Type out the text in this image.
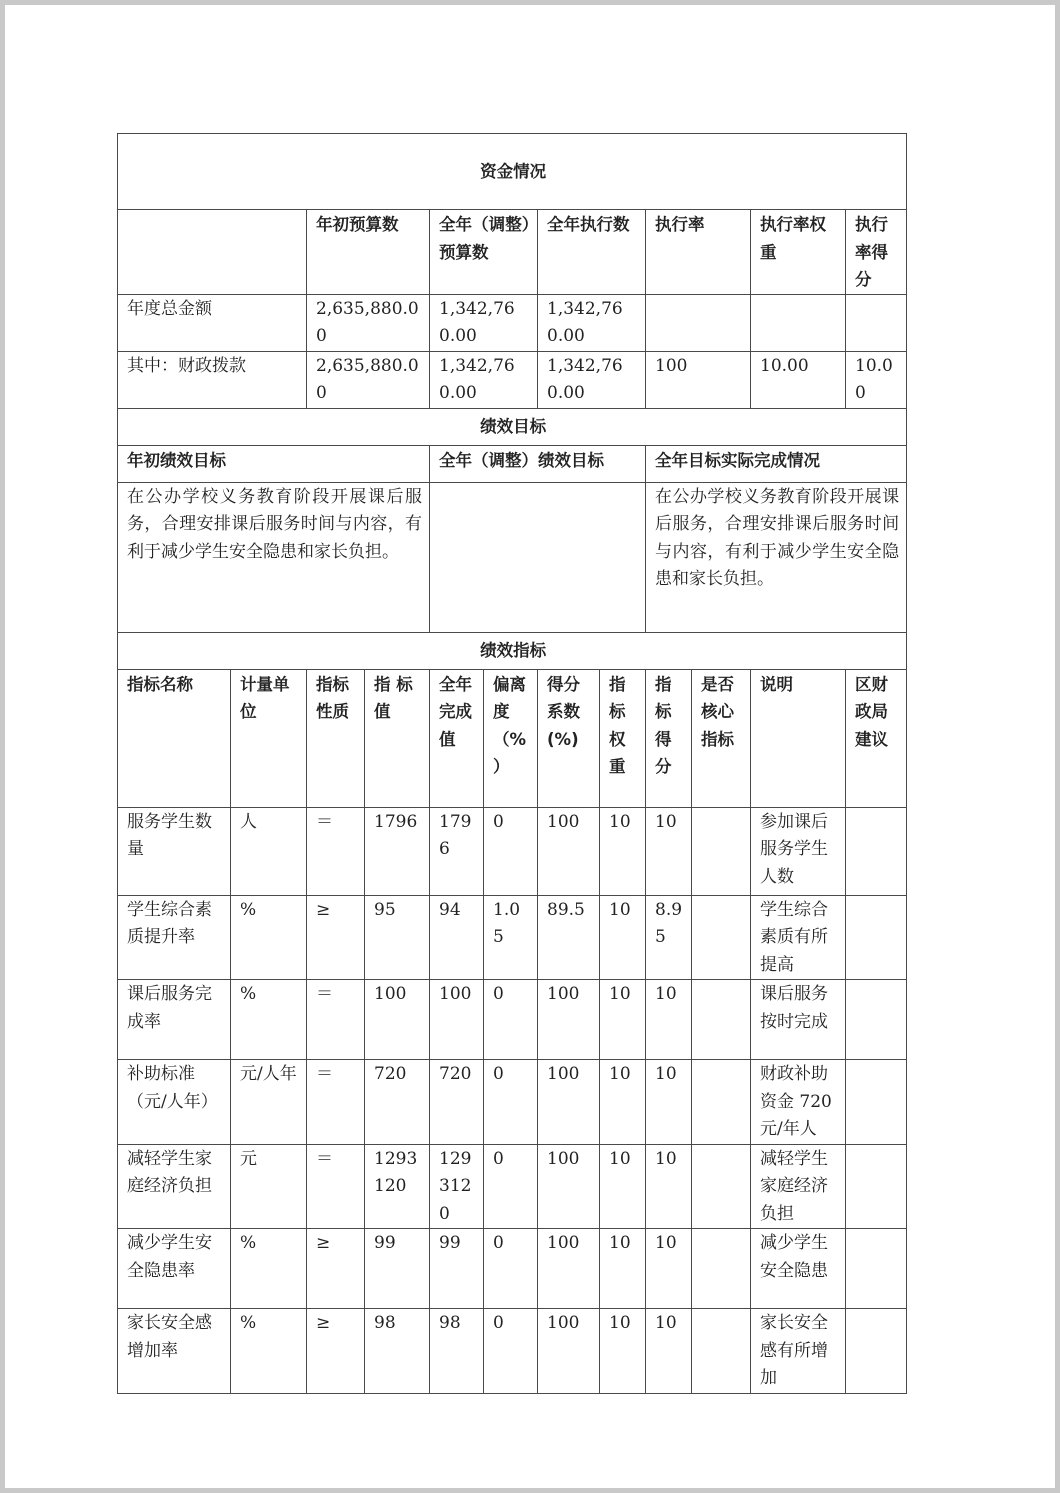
资金情况											
		年初预算数		全年（调整）预算数		全年执行数		执行率		执行率权重	执行率得分
年度总金额		2,635,880.00		1,342,760.00		1,342,760.00					
其中：财政拨款		2,635,880.00		1,342,760.00		1,342,760.00		100		10.00	10.00
绩效目标											
年初绩效目标				全年（调整）绩效目标				全年目标实际完成情况			
在公办学校义务教育阶段开展课后服务，合理安排课后服务时间与内容，有利于减少学生安全隐患和家长负担。								在公办学校义务教育阶段开展课后服务，合理安排课后服务时间与内容，有利于减少学生安全隐患和家长负担。			
绩效指标											
指标名称	计量单位	指标性质	指 标值	全年完成值	偏离度（%）	得分系数(%)	指标权重	指标得分	是否核心指标	说明	区财政局建议
服务学生数量	人	＝	1796	1796	0	100	10	10		参加课后服务学生人数	
学生综合素质提升率	%	≥	95	94	1.05	89.5	10	8.95		学生综合素质有所提高	
课后服务完成率	%	＝	100	100	0	100	10	10		课后服务按时完成	
补助标准（元/人年）	元/人年	＝	720	720	0	100	10	10		财政补助资金 720元/年人	
减轻学生家庭经济负担	元	＝	1293120	1293120	0	100	10	10		减轻学生家庭经济负担	
减少学生安全隐患率	%	≥	99	99	0	100	10	10		减少学生安全隐患	
家长安全感增加率	%	≥	98	98	0	100	10	10		家长安全感有所增加	
